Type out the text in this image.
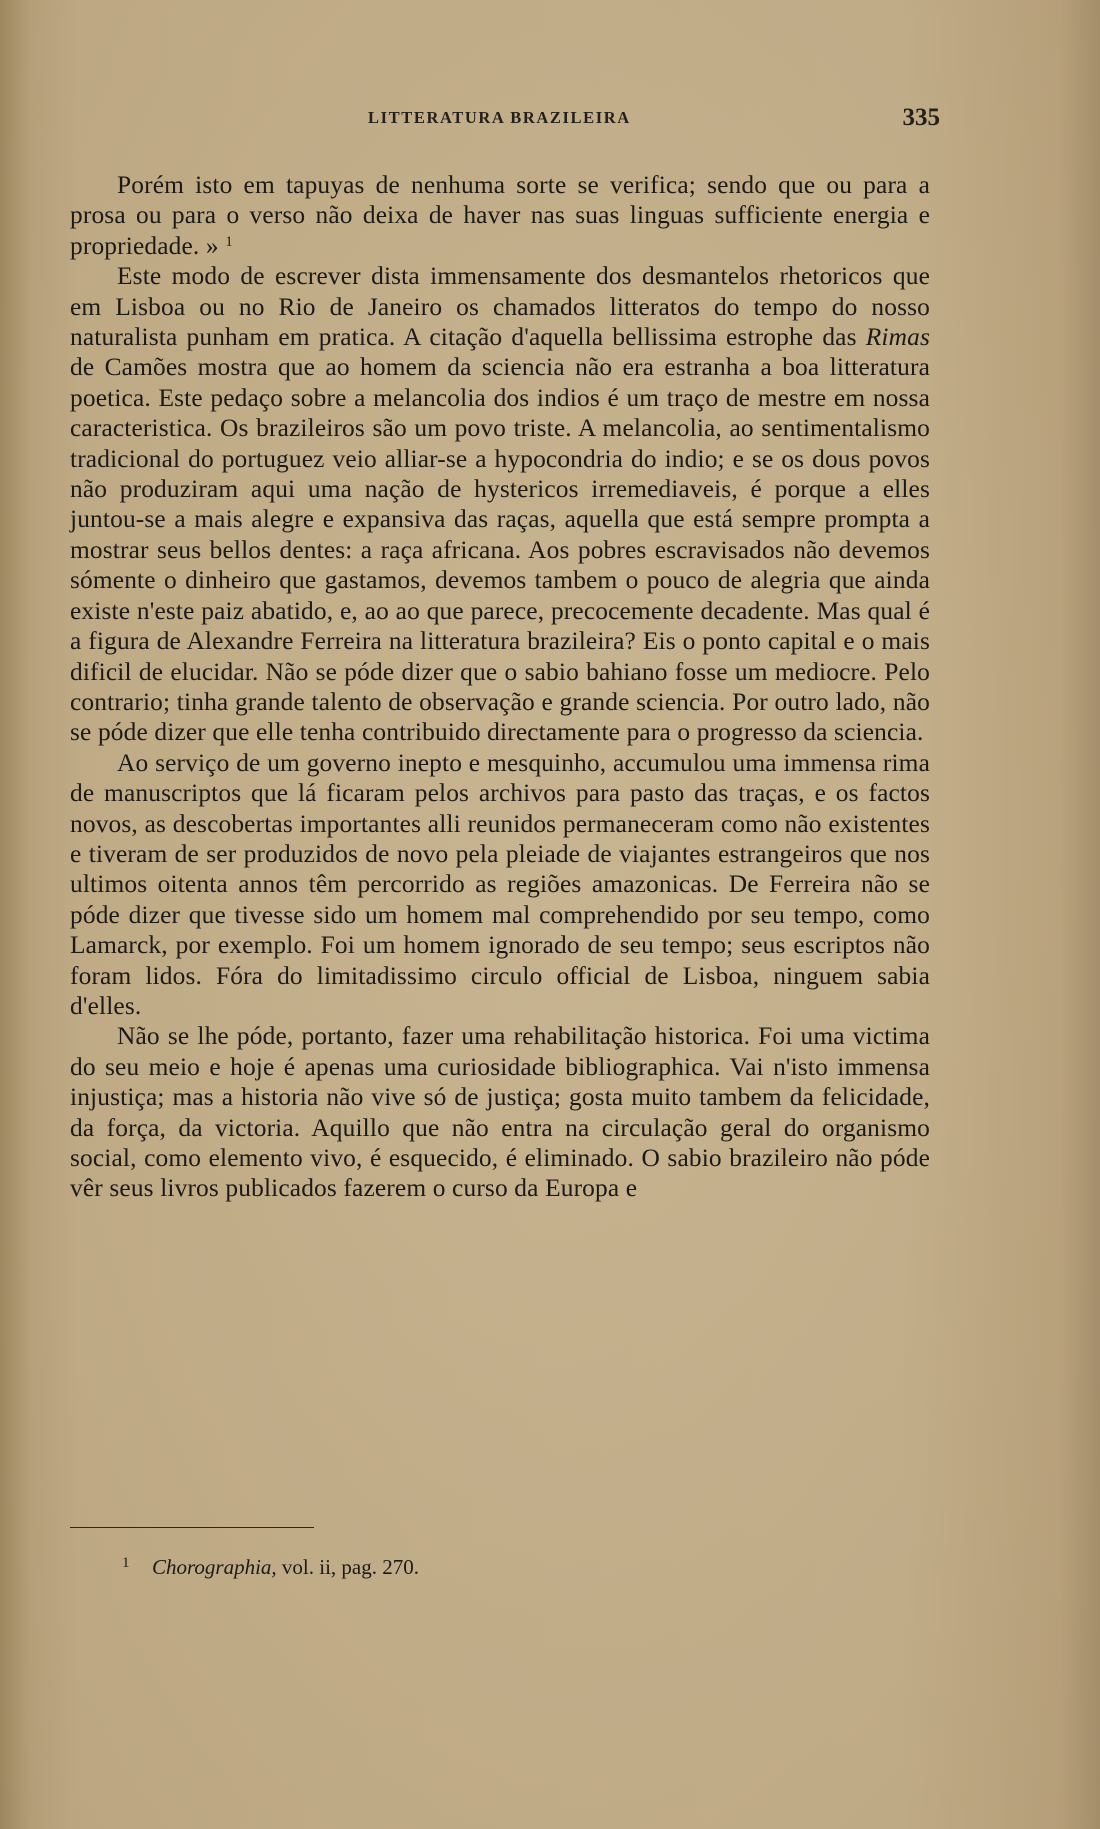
LITTERATURA BRAZILEIRA	335

Porém isto em tapuyas de nenhuma sorte se verifica; sendo que ou para a prosa ou para o verso não deixa de haver nas suas linguas sufficiente energia e propriedade. » $^1$

Este modo de escrever dista immensamente dos desmantelos rhetoricos que em Lisboa ou no Rio de Janeiro os chamados litteratos do tempo do nosso naturalista punham em pratica. A citação d'aquella bellissima estrophe das Rimas de Camões mostra que ao homem da sciencia não era estranha a boa litteratura poetica. Este pedaço sobre a melancolia dos indios é um traço de mestre em nossa caracteristica. Os brazileiros são um povo triste. A melancolia, ao sentimentalismo tradicional do portuguez veio alliar-se a hypocondria do indio; e se os dous povos não produziram aqui uma nação de hystericos irremediaveis, é porque a elles juntou-se a mais alegre e expansiva das raças, aquella que está sempre prompta a mostrar seus bellos dentes: a raça africana. Aos pobres escravisados não devemos sómente o dinheiro que gastamos, devemos tambem o pouco de alegria que ainda existe n'este paiz abatido, e, ao ao que parece, precocemente decadente. Mas qual é a figura de Alexandre Ferreira na litteratura brazileira? Eis o ponto capital e o mais dificil de elucidar. Não se póde dizer que o sabio bahiano fosse um mediocre. Pelo contrario; tinha grande talento de observação e grande sciencia. Por outro lado, não se póde dizer que elle tenha contribuido directamente para o progresso da sciencia.

Ao serviço de um governo inepto e mesquinho, accumulou uma immensa rima de manuscriptos que lá ficaram pelos archivos para pasto das traças, e os factos novos, as descobertas importantes alli reunidos permaneceram como não existentes e tiveram de ser produzidos de novo pela pleiade de viajantes estrangeiros que nos ultimos oitenta annos têm percorrido as regiões amazonicas. De Ferreira não se póde dizer que tivesse sido um homem mal comprehendido por seu tempo, como Lamarck, por exemplo. Foi um homem ignorado de seu tempo; seus escriptos não foram lidos. Fóra do limitadissimo circulo official de Lisboa, ninguem sabia d'elles.

Não se lhe póde, portanto, fazer uma rehabilitação historica. Foi uma victima do seu meio e hoje é apenas uma curiosidade bibliographica. Vai n'isto immensa injustiça; mas a historia não vive só de justiça; gosta muito tambem da felicidade, da força, da victoria. Aquillo que não entra na circulação geral do organismo social, como elemento vivo, é esquecido, é eliminado. O sabio brazileiro não póde vêr seus livros publicados fazerem o curso da Europa e

1 Chorographia, vol. ii, pag. 270.
